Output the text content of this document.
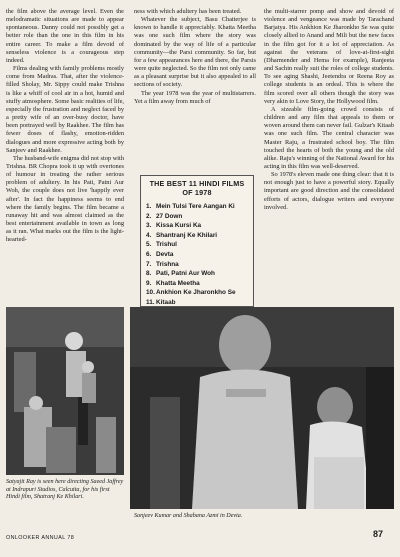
the film above the average level. Even the melodramatic situations are made to appear spontaneous. Danny could not possibly get a better role than the one in this film in his entire career. To make a film devoid of senseless violence is a courageous step indeed.

Films dealing with family problems mostly come from Madras. That, after the violence-filled Sholay, Mr. Sippy could make Trishna is like a whiff of cool air in a hot, humid and stuffy atmosphere. Some basic realities of life, especially the frustration and neglect faced by a pretty wife of an over-busy doctor, have been portrayed well by Raakhee. The film has fewer doses of flashy, emotion-ridden dialogues and more expressive acting both by Sanjeev and Raakhee.

The husband-wife enigma did not stop with Trishna. BR Chopra took it up with overtones of humour in treating the rather serious problem of adultery. In his Pati, Patni Aur Woh, the couple does not live 'happily ever after'. In fact the happiness seems to end where the family begins. The film became a runaway hit and was almost claimed as the best entertainment available in town as long as it ran. What marks out the film is the light-hearted-

ness with which adultery has been treated.

Whatever the subject, Basu Chatterjee is known to handle it appreciably. Khatta Meetha was one such film where the story was dominated by the way of life of a particular community—the Parsi community. So far, but for a few appearances here and there, the Parsis were quite neglected. So the film not only came as a pleasant surprise but it also appealed to all sections of society.

The year 1978 was the year of multistarrers. Yet a film away from much of

THE BEST 11 HINDI FILMS OF 1978
1. Mein Tulsi Tere Aangan Ki
2. 27 Down
3. Kissa Kursi Ka
4. Shantranj Ke Khilari
5. Trishul
6. Devta
7. Trishna
8. Pati, Patni Aur Woh
9. Khatta Meetha
10.Ankhion Ke Jharonkho Se
11.Kitaab

the multi-starrer pomp and show and devoid of violence and vengeance was made by Tarachand Barjatya. His Ankhion Ke Jharonkho Se was quite closely allied to Anand and Mili but the new faces in the film got for it a lot of appreciation. As against the veterans of love-at-first-sight (Dharmender and Hema for example), Ranjeeta and Sachin really suit the roles of college students. To see aging Shashi, Jeetendra or Reena Roy as college students is an ordeal. This is where the film scored over all others though the story was very akin to Love Story, the Hollywood film.

A sizeable film-going crowd consists of children and any film that appeals to them or woven around them can never fail. Gulzar's Kitaab was one such film. The central character was Master Raju, a frustrated school boy. The film touched the hearts of both the young and the old alike. Raju's winning of the National Award for his acting in this film was well-deserved.

So 1978's eleven made one thing clear: that it is not enough just to have a powerful story. Equally important are good direction and the consolidated efforts of actors, dialogue writers and everyone involved.

Satyajit Ray is seen here directing Saeed Jaffrey at Indrapuri Studios, Calcutta, for his first Hindi film, Shatranj Ke Khilari.
Sanjeev Kumar and Shabana Azmi in Devta.
ONLOOKER ANNUAL 78	87
